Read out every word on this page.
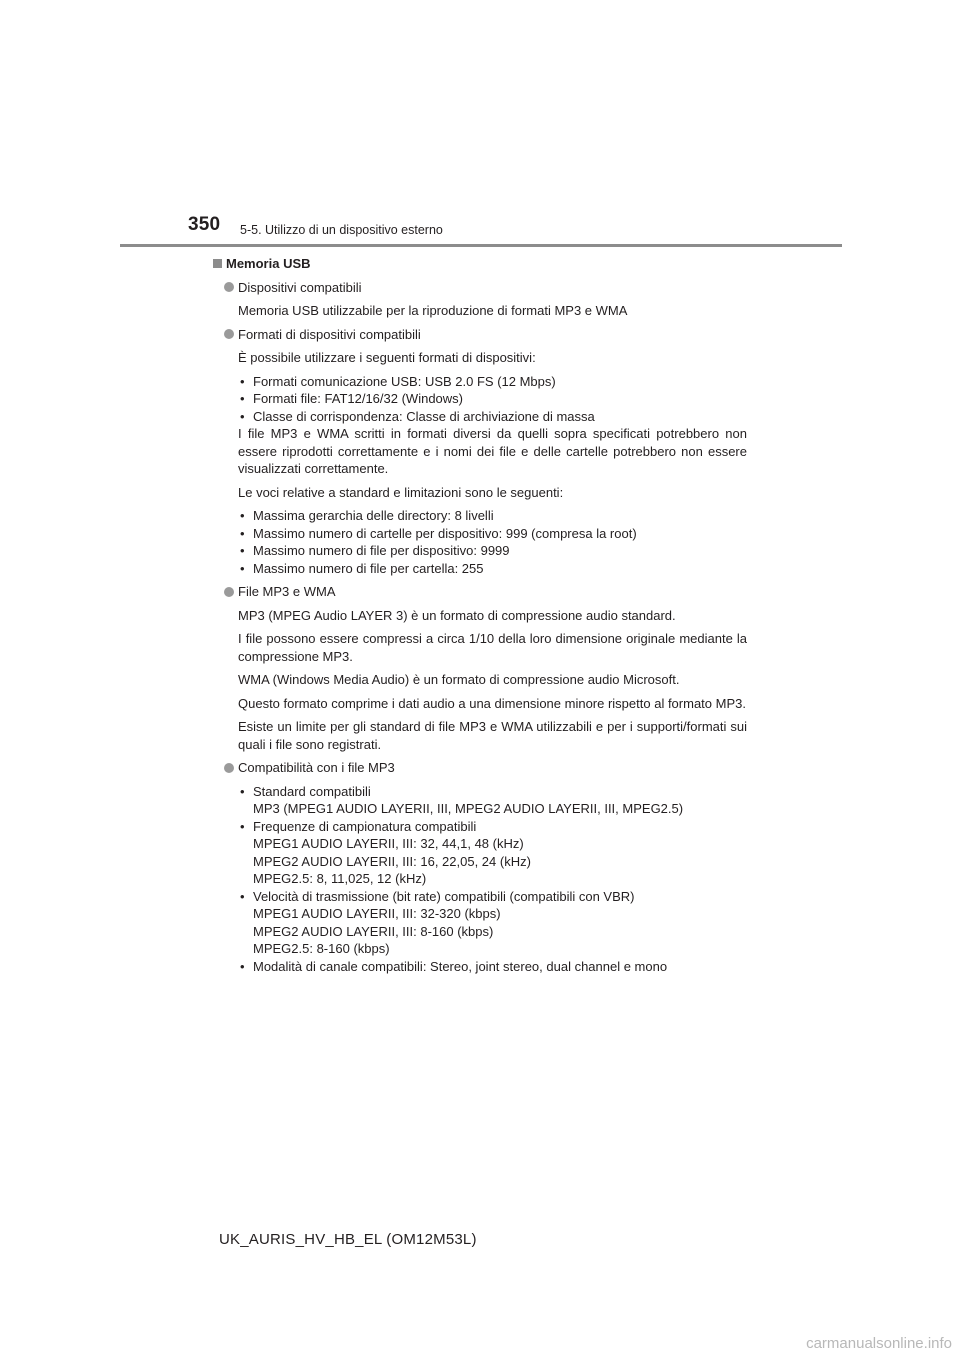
350 5-5. Utilizzo di un dispositivo esterno
Memoria USB
Dispositivi compatibili
Memoria USB utilizzabile per la riproduzione di formati MP3 e WMA
Formati di dispositivi compatibili
È possibile utilizzare i seguenti formati di dispositivi:
• Formati comunicazione USB: USB 2.0 FS (12 Mbps)
• Formati file: FAT12/16/32 (Windows)
• Classe di corrispondenza: Classe di archiviazione di massa
I file MP3 e WMA scritti in formati diversi da quelli sopra specificati potrebbero non essere riprodotti correttamente e i nomi dei file e delle cartelle potrebbero non essere visualizzati correttamente.
Le voci relative a standard e limitazioni sono le seguenti:
• Massima gerarchia delle directory: 8 livelli
• Massimo numero di cartelle per dispositivo: 999 (compresa la root)
• Massimo numero di file per dispositivo: 9999
• Massimo numero di file per cartella: 255
File MP3 e WMA
MP3 (MPEG Audio LAYER 3) è un formato di compressione audio standard.
I file possono essere compressi a circa 1/10 della loro dimensione originale mediante la compressione MP3.
WMA (Windows Media Audio) è un formato di compressione audio Microsoft.
Questo formato comprime i dati audio a una dimensione minore rispetto al formato MP3.
Esiste un limite per gli standard di file MP3 e WMA utilizzabili e per i supporti/formati sui quali i file sono registrati.
Compatibilità con i file MP3
• Standard compatibili
MP3 (MPEG1 AUDIO LAYERII, III, MPEG2 AUDIO LAYERII, III, MPEG2.5)
• Frequenze di campionatura compatibili
MPEG1 AUDIO LAYERII, III: 32, 44,1, 48 (kHz)
MPEG2 AUDIO LAYERII, III: 16, 22,05, 24 (kHz)
MPEG2.5: 8, 11,025, 12 (kHz)
• Velocità di trasmissione (bit rate) compatibili (compatibili con VBR)
MPEG1 AUDIO LAYERII, III: 32-320 (kbps)
MPEG2 AUDIO LAYERII, III: 8-160 (kbps)
MPEG2.5: 8-160 (kbps)
• Modalità di canale compatibili: Stereo, joint stereo, dual channel e mono
UK_AURIS_HV_HB_EL (OM12M53L)
carmanualsonline.info
